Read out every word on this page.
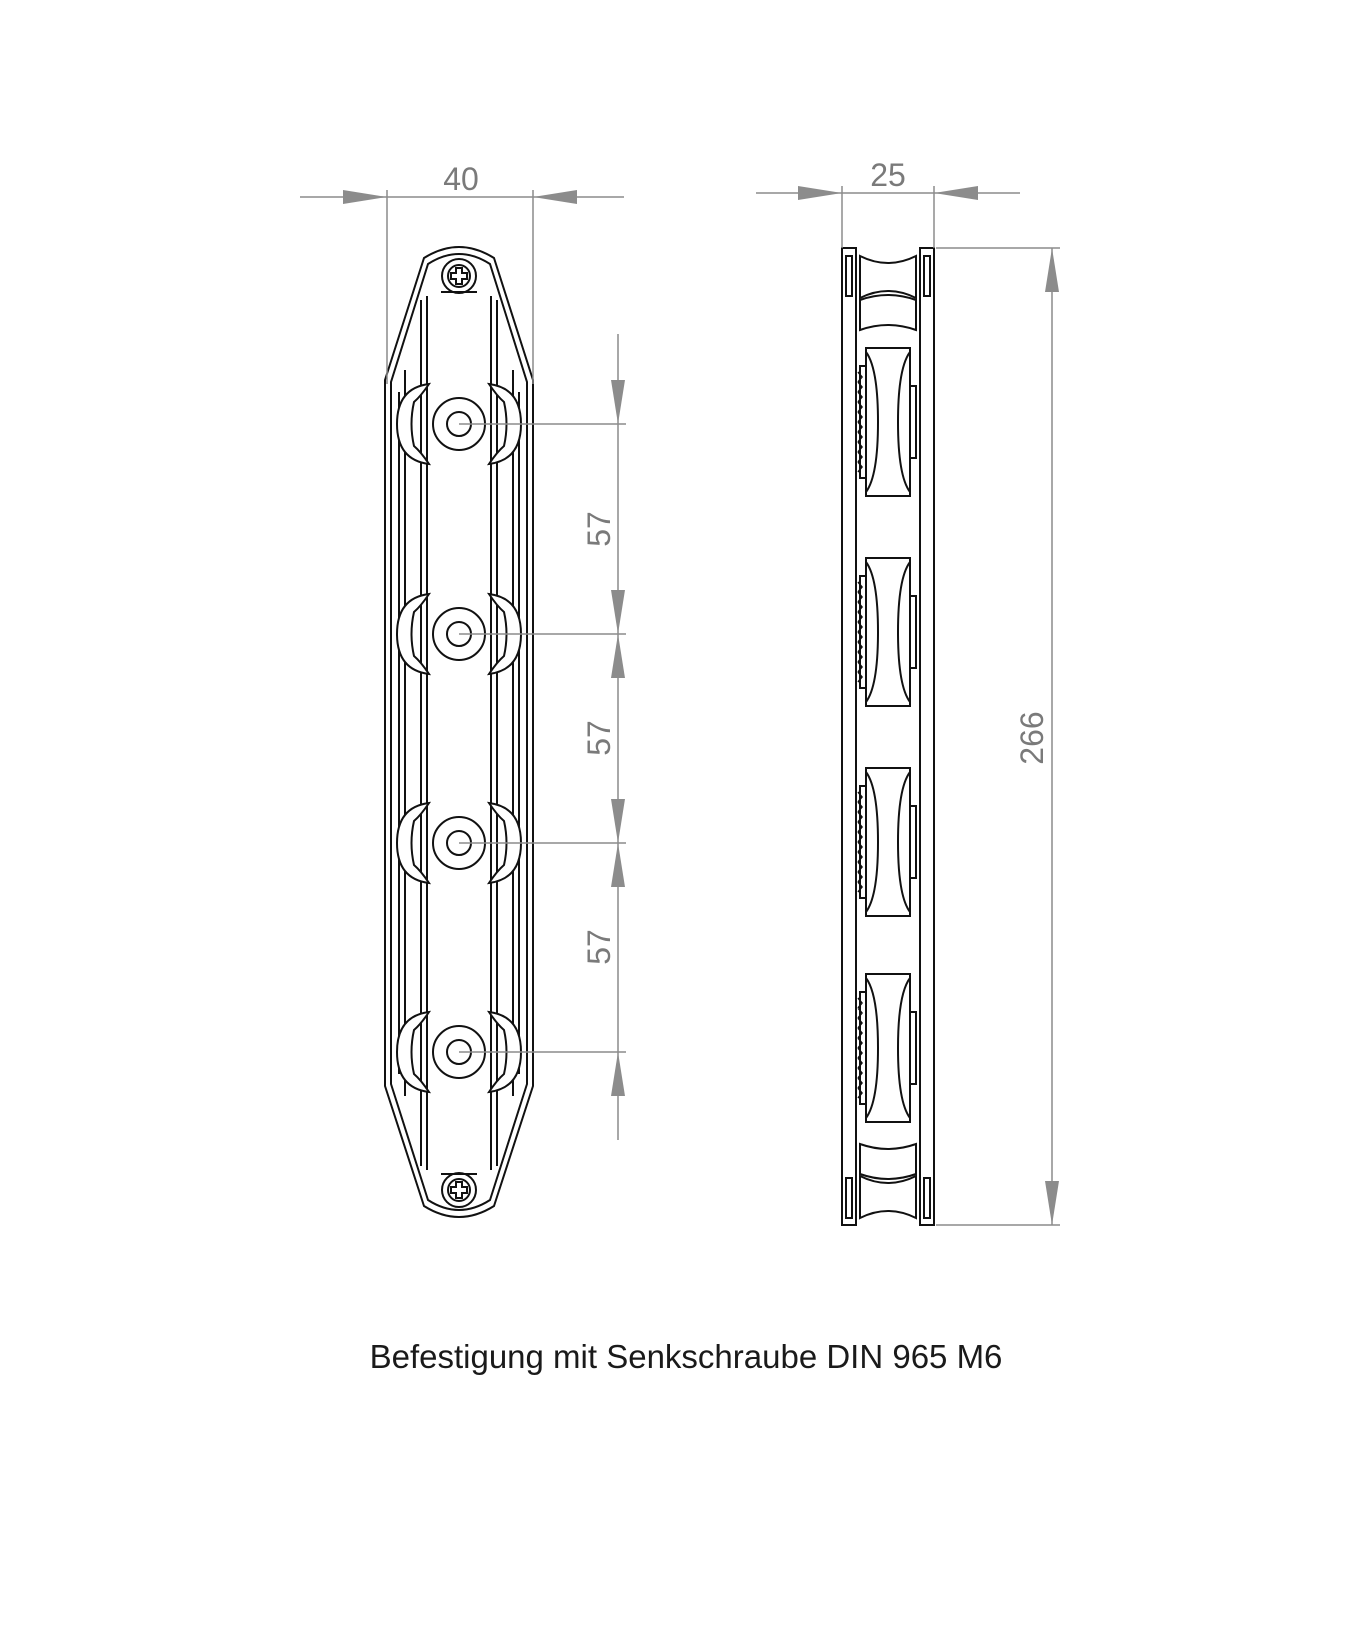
40
57
57
57
25
266
Befestigung mit Senkschraube DIN 965 M6
